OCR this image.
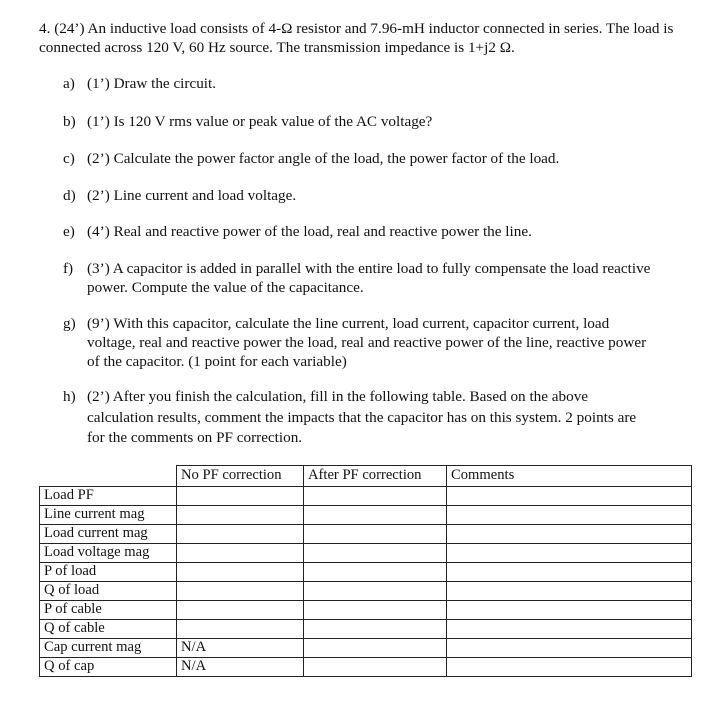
4. (24’) An inductive load consists of 4-Ω resistor and 7.96-mH inductor connected in series. The load is connected across 120 V, 60 Hz source. The transmission impedance is 1+j2 Ω.
a) (1’) Draw the circuit.
b) (1’) Is 120 V rms value or peak value of the AC voltage?
c) (2’) Calculate the power factor angle of the load, the power factor of the load.
d) (2’) Line current and load voltage.
e) (4’) Real and reactive power of the load, real and reactive power the line.
f) (3’) A capacitor is added in parallel with the entire load to fully compensate the load reactive power. Compute the value of the capacitance.
g) (9’) With this capacitor, calculate the line current, load current, capacitor current, load voltage, real and reactive power the load, real and reactive power of the line, reactive power of the capacitor. (1 point for each variable)
h) (2’) After you finish the calculation, fill in the following table. Based on the above calculation results, comment the impacts that the capacitor has on this system. 2 points are for the comments on PF correction.
	No PF correction	After PF correction	Comments
Load PF			
Line current mag			
Load current mag			
Load voltage mag			
P of load			
Q of load			
P of cable			
Q of cable			
Cap current mag	N/A		
Q of cap	N/A		
